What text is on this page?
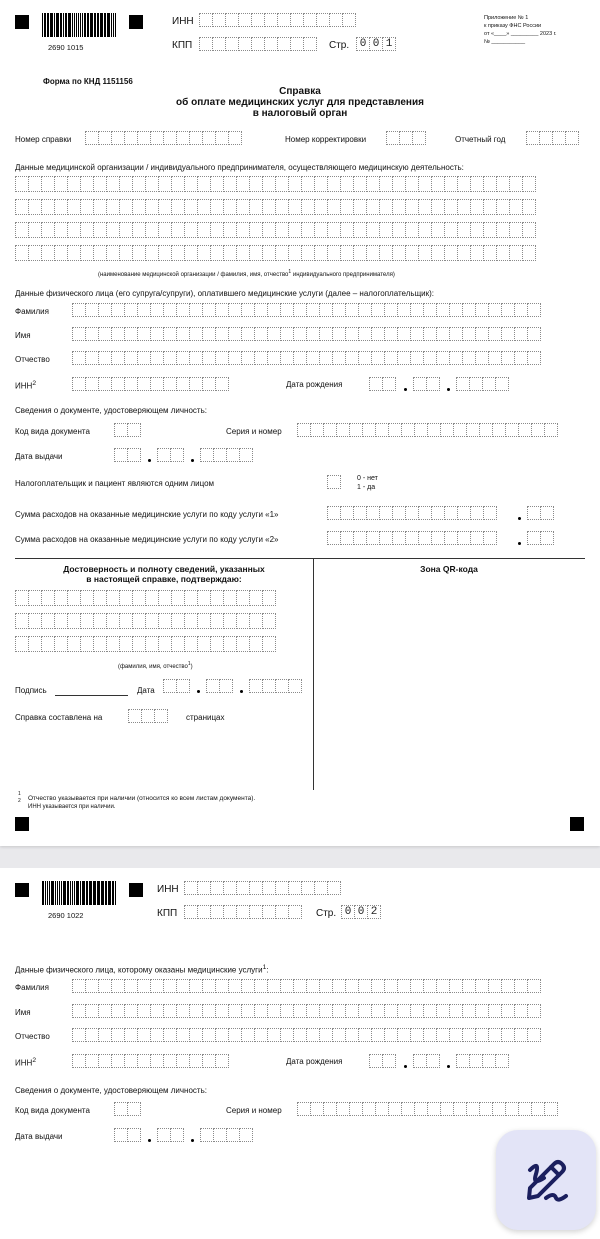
2690 1015
ИНН
КПП	Стр. 0 0 1
Приложение № 1
к приказу ФНС России
от «____» _________ 2023 г.
№ ___________
Форма по КНД 1151156
Справка
об оплате медицинских услуг для представления
в налоговый орган
Номер справки	Номер корректировки	Отчетный год
Данные медицинской организации / индивидуального предпринимателя, осуществляющего медицинскую деятельность:
(наименование медицинской организации / фамилия, имя, отчество$^1$ индивидуального предпринимателя)
Данные физического лица (его супруга/супруги), оплатившего медицинские услуги (далее – налогоплательщик):
Фамилия
Имя
Отчество
ИНН$^2$	Дата рождения
Сведения о документе, удостоверяющем личность:
Код вида документа	Серия и номер
Дата выдачи
Налогоплательщик и пациент являются одним лицом
0 - нет
1 - да
Сумма расходов на оказанные медицинские услуги по коду услуги «1»
Сумма расходов на оказанные медицинские услуги по коду услуги «2»
Достоверность и полноту сведений, указанных
в настоящей справке, подтверждаю:
Зона QR-кода
(фамилия, имя, отчество$^1$)
Подпись	Дата
Справка составлена на	страницах
1
2 Отчество указывается при наличии (относится ко всем листам документа).
ИНН указывается при наличии.
2690 1022
ИНН
КПП	Стр. 0 0 2
Данные физического лица, которому оказаны медицинские услуги$^1$:
Фамилия
Имя
Отчество
ИНН$^2$	Дата рождения
Сведения о документе, удостоверяющем личность:
Код вида документа	Серия и номер
Дата выдачи
